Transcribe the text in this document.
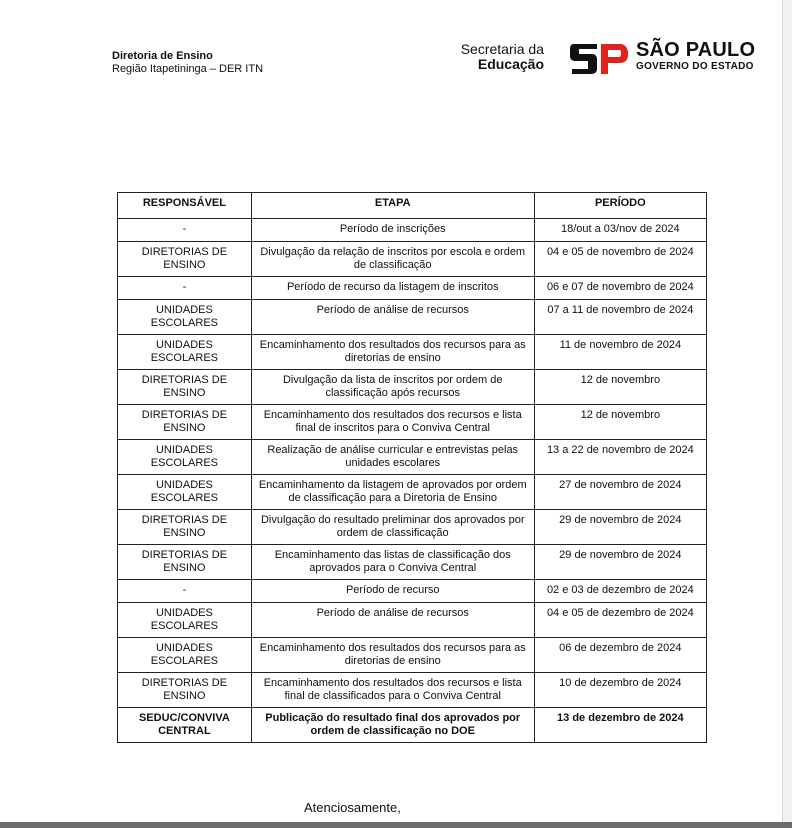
Diretoria de Ensino
Região Itapetininga – DER ITN
Secretaria da
Educação
SÃO PAULO
GOVERNO DO ESTADO
RESPONSÁVEL	ETAPA	PERÍODO
-	Período de inscrições	18/out a 03/nov de 2024
DIRETORIAS DE ENSINO	Divulgação da relação de inscritos por escola e ordem de classificação	04 e 05 de novembro de 2024
-	Período de recurso da listagem de inscritos	06 e 07 de novembro de 2024
UNIDADES ESCOLARES	Período de análise de recursos	07 a 11 de novembro de 2024
UNIDADES ESCOLARES	Encaminhamento dos resultados dos recursos para as diretorias de ensino	11 de novembro de 2024
DIRETORIAS DE ENSINO	Divulgação da lista de inscritos por ordem de classificação após recursos	12 de novembro
DIRETORIAS DE ENSINO	Encaminhamento dos resultados dos recursos e lista final de inscritos para o Conviva Central	12 de novembro
UNIDADES ESCOLARES	Realização de análise curricular e entrevistas pelas unidades escolares	13 a 22 de novembro de 2024
UNIDADES ESCOLARES	Encaminhamento da listagem de aprovados por ordem de classificação para a Diretoria de Ensino	27 de novembro de 2024
DIRETORIAS DE ENSINO	Divulgação do resultado preliminar dos aprovados por ordem de classificação	29 de novembro de 2024
DIRETORIAS DE ENSINO	Encaminhamento das listas de classificação dos aprovados para o Conviva Central	29 de novembro de 2024
-	Período de recurso	02 e 03 de dezembro de 2024
UNIDADES ESCOLARES	Período de análise de recursos	04 e 05 de dezembro de 2024
UNIDADES ESCOLARES	Encaminhamento dos resultados dos recursos para as diretorias de ensino	06 de dezembro de 2024
DIRETORIAS DE ENSINO	Encaminhamento dos resultados dos recursos e lista final de classificados para o Conviva Central	10 de dezembro de 2024
SEDUC/CONVIVA CENTRAL	Publicação do resultado final dos aprovados por ordem de classificação no DOE	13 de dezembro de 2024
Atenciosamente,
